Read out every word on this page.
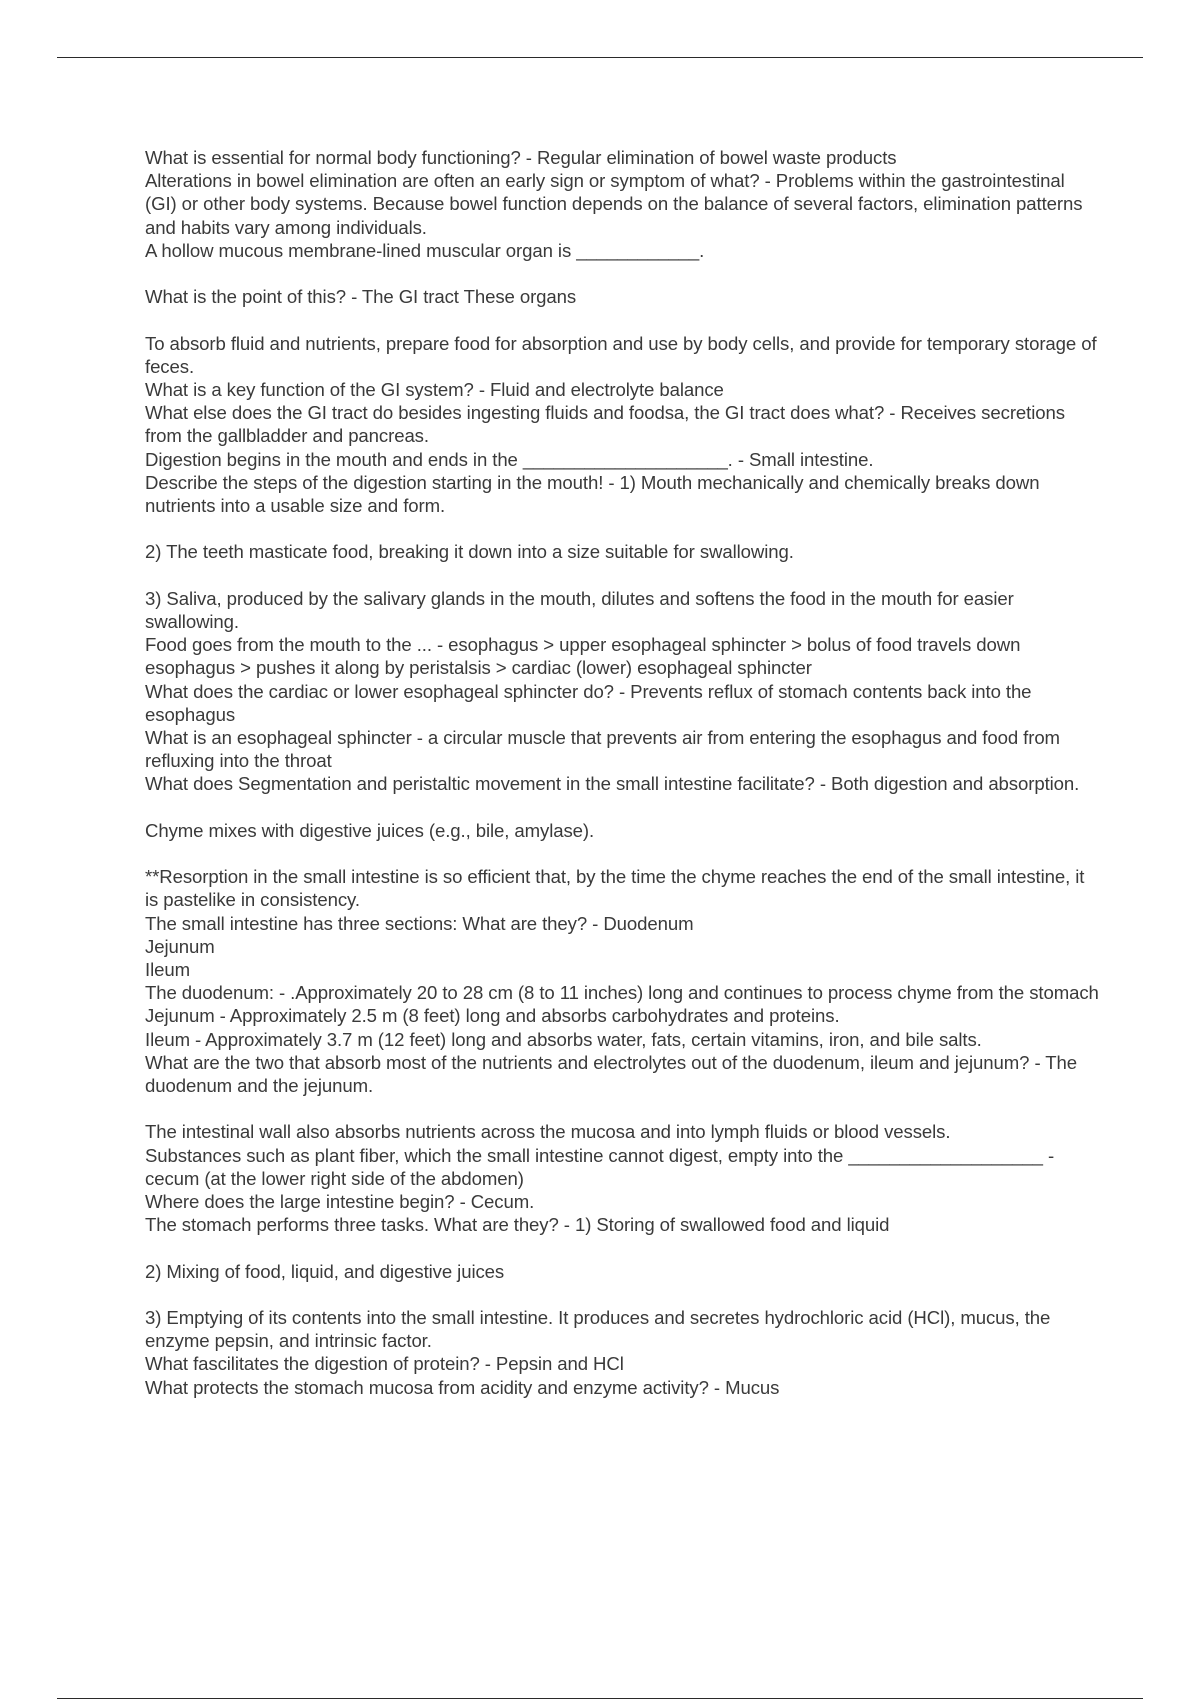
What is essential for normal body functioning? - Regular elimination of bowel waste products
Alterations in bowel elimination are often an early sign or symptom of what? - Problems within the gastrointestinal (GI) or other body systems. Because bowel function depends on the balance of several factors, elimination patterns and habits vary among individuals.
A hollow mucous membrane-lined muscular organ is ____________.
What is the point of this? - The GI tract These organs
To absorb fluid and nutrients, prepare food for absorption and use by body cells, and provide for temporary storage of feces.
What is a key function of the GI system? - Fluid and electrolyte balance
What else does the GI tract do besides ingesting fluids and foodsa, the GI tract does what? - Receives secretions from the gallbladder and pancreas.
Digestion begins in the mouth and ends in the ____________________. - Small intestine.
Describe the steps of the digestion starting in the mouth! - 1) Mouth mechanically and chemically breaks down nutrients into a usable size and form.
2) The teeth masticate food, breaking it down into a size suitable for swallowing.
3) Saliva, produced by the salivary glands in the mouth, dilutes and softens the food in the mouth for easier swallowing.
Food goes from the mouth to the ... - esophagus > upper esophageal sphincter > bolus of food travels down esophagus > pushes it along by peristalsis > cardiac (lower) esophageal sphincter
What does the cardiac or lower esophageal sphincter do? - Prevents reflux of stomach contents back into the esophagus
What is an esophageal sphincter - a circular muscle that prevents air from entering the esophagus and food from refluxing into the throat
What does Segmentation and peristaltic movement in the small intestine facilitate? - Both digestion and absorption.
Chyme mixes with digestive juices (e.g., bile, amylase).
**Resorption in the small intestine is so efficient that, by the time the chyme reaches the end of the small intestine, it is pastelike in consistency.
The small intestine has three sections: What are they? - Duodenum
Jejunum
Ileum
The duodenum: - .Approximately 20 to 28 cm (8 to 11 inches) long and continues to process chyme from the stomach
Jejunum - Approximately 2.5 m (8 feet) long and absorbs carbohydrates and proteins.
Ileum - Approximately 3.7 m (12 feet) long and absorbs water, fats, certain vitamins, iron, and bile salts.
What are the two that absorb most of the nutrients and electrolytes out of the duodenum, ileum and jejunum? - The duodenum and the jejunum.
The intestinal wall also absorbs nutrients across the mucosa and into lymph fluids or blood vessels.
Substances such as plant fiber, which the small intestine cannot digest, empty into the ___________________ - cecum (at the lower right side of the abdomen)
Where does the large intestine begin? - Cecum.
The stomach performs three tasks. What are they? - 1) Storing of swallowed food and liquid
2) Mixing of food, liquid, and digestive juices
3) Emptying of its contents into the small intestine. It produces and secretes hydrochloric acid (HCl), mucus, the enzyme pepsin, and intrinsic factor.
What fascilitates the digestion of protein? - Pepsin and HCl
What protects the stomach mucosa from acidity and enzyme activity? - Mucus
